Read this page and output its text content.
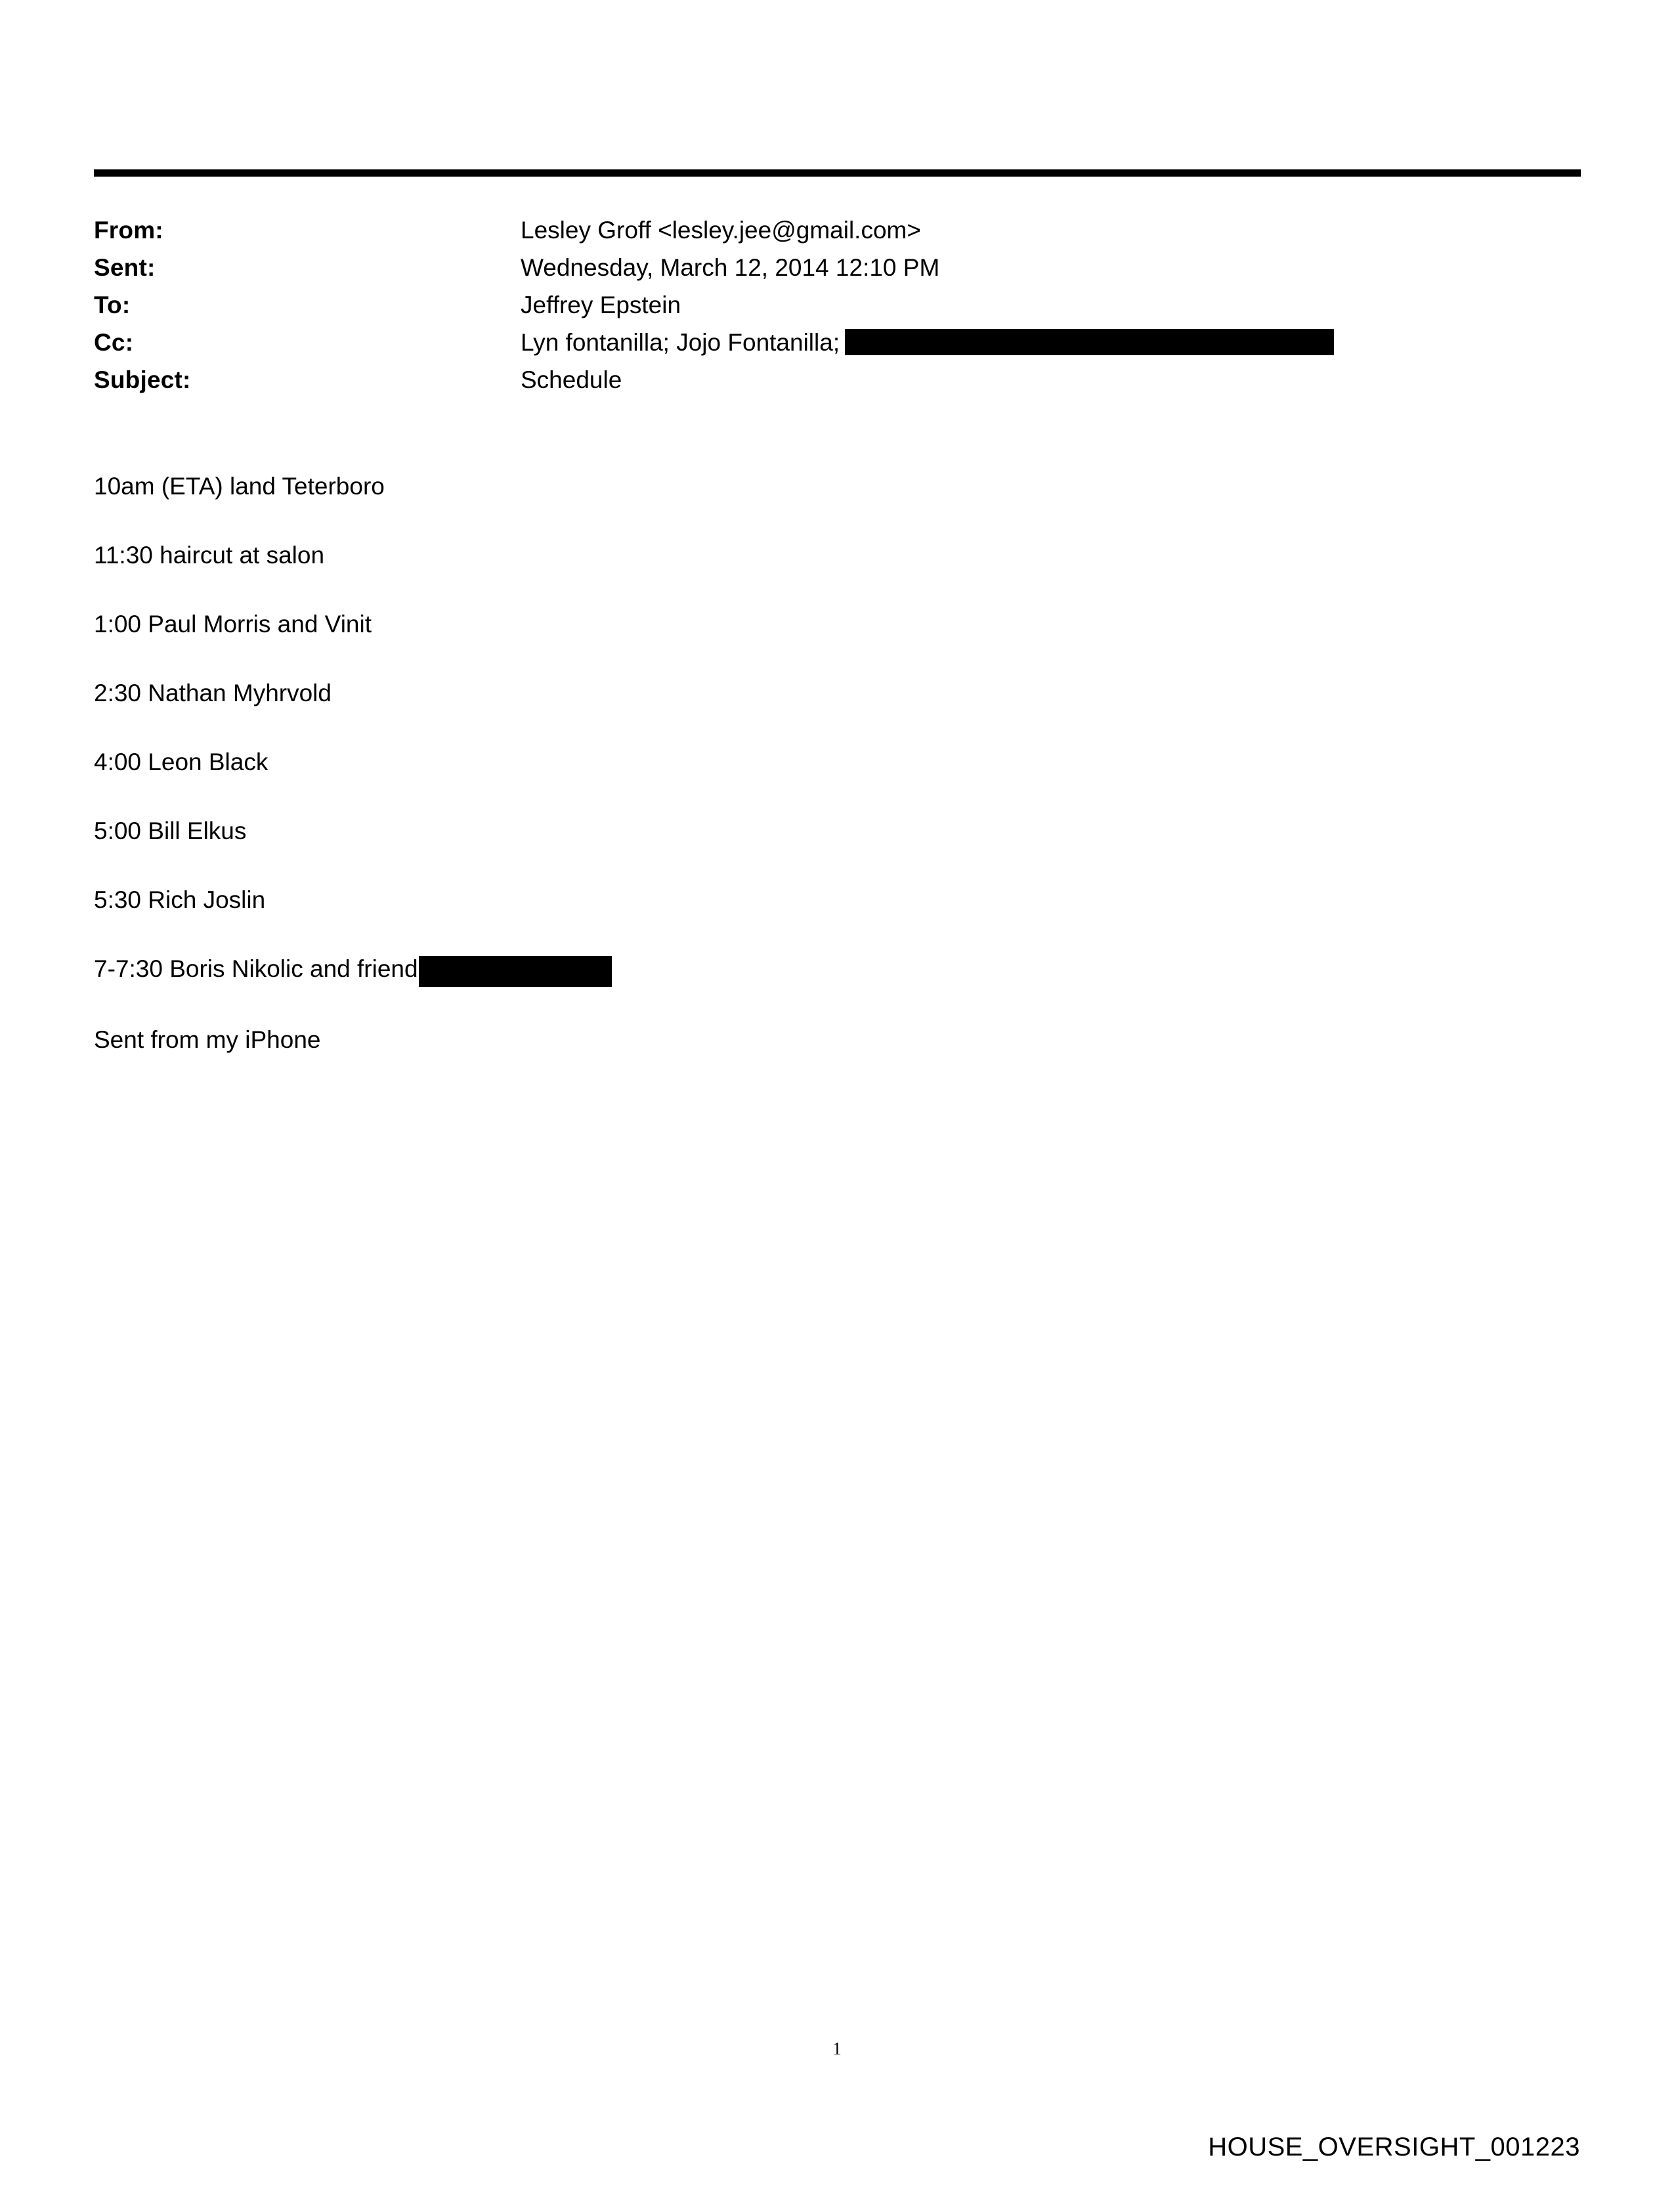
From:	Lesley Groff <lesley.jee@gmail.com>
Sent:	Wednesday, March 12, 2014 12:10 PM
To:	Jeffrey Epstein
Cc:	Lyn fontanilla; Jojo Fontanilla;
Subject:	Schedule

10am (ETA) land Teterboro

11:30 haircut at salon

1:00 Paul Morris and Vinit

2:30 Nathan Myhrvold

4:00 Leon Black

5:00 Bill Elkus

5:30 Rich Joslin

7-7:30 Boris Nikolic and friend

Sent from my iPhone

1
HOUSE_OVERSIGHT_001223
